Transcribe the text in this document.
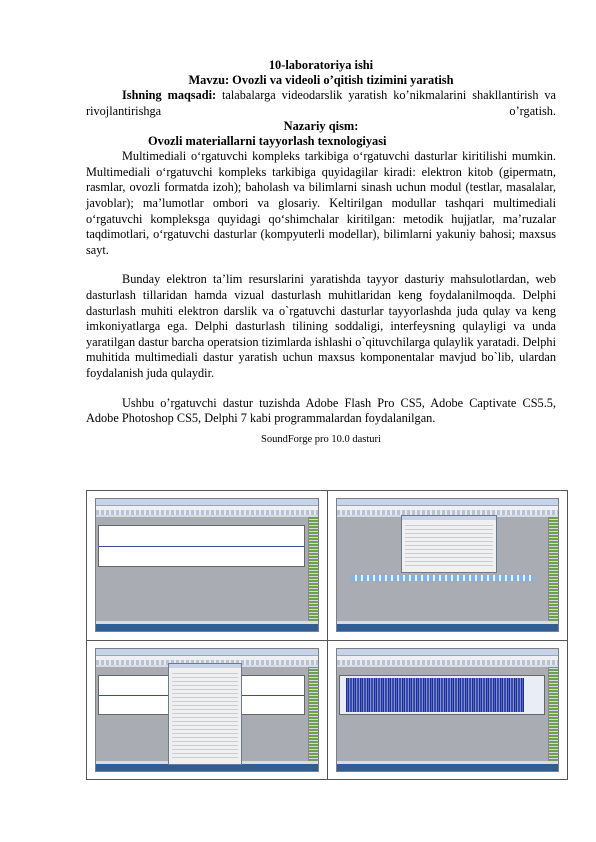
10-laboratoriya ishi
Mavzu: Ovozli va videoli o’qitish tizimini yaratish

Ishning maqsadi: talabalarga videodarslik yaratish ko’nikmalarini shakllantirish va rivojlantirishga o’rgatish.

Nazariy qism:
Ovozli materiallarni tayyorlash texnologiyasi

Multimediali o‘rgatuvchi kompleks tarkibiga o‘rgatuvchi dasturlar kiritilishi mumkin. Multimediali o‘rgatuvchi kompleks tarkibiga quyidagilar kiradi: elektron kitob (gipermatn, rasmlar, ovozli formatda izoh); baholash va bilimlarni sinash uchun modul (testlar, masalalar, javoblar); ma’lumotlar ombori va glosariy. Keltirilgan modullar tashqari multimediali o‘rgatuvchi kompleksga quyidagi qo‘shimchalar kiritilgan: metodik hujjatlar, ma’ruzalar taqdimotlari, o‘rgatuvchi dasturlar (kompyuterli modellar), bilimlarni yakuniy bahosi; maxsus sayt.

Bunday elektron ta’lim resurslarini yaratishda tayyor dasturiy mahsulotlardan, web dasturlash tillaridan hamda vizual dasturlash muhitlaridan keng foydalanilmoqda. Delphi dasturlash muhiti elektron darslik va o`rgatuvchi dasturlar tayyorlashda juda qulay va keng imkoniyatlarga ega. Delphi dasturlash tilining soddaligi, interfeysning qulayligi va unda yaratilgan dastur barcha operatsion tizimlarda ishlashi o`qituvchilarga qulaylik yaratadi. Delphi muhitida multimediali dastur yaratish uchun maxsus komponentalar mavjud bo`lib, ulardan foydalanish juda qulaydir.

Ushbu o’rgatuvchi dastur tuzishda Adobe Flash Pro CS5, Adobe Captivate CS5.5, Adobe Photoshop CS5, Delphi 7 kabi programmalardan foydalanilgan.

SoundForge pro 10.0 dasturi
